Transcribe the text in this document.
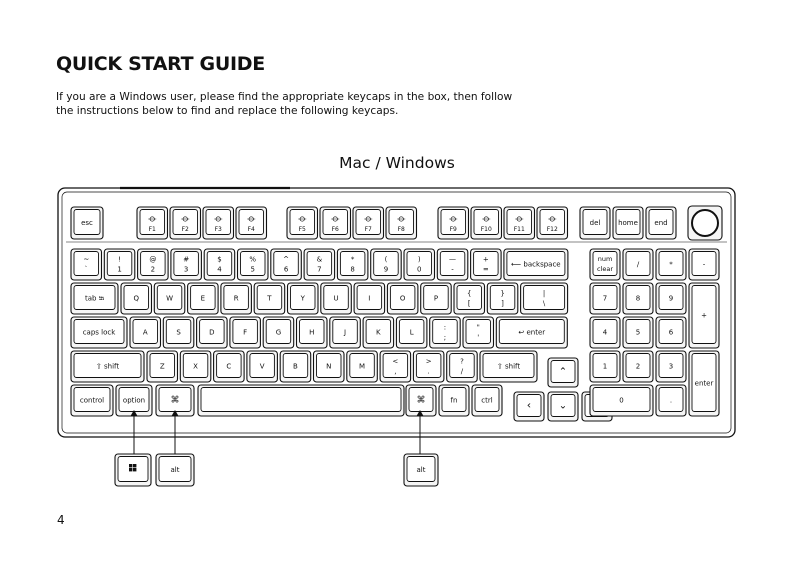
QUICK START GUIDE
If you are a Windows user, please find the appropriate keycaps in the box, then follow
the instructions below to find and replace the following keycaps.
Mac / Windows
4
esc
F1	F2	F3	F4	F5	F6	F7	F8	F9	F10	F11	F12
del	home end
~
`
!
1
@
2
#
3
$
4
%
5
^
6
&
7
*
8
(
9
)
0
—
-
+
=
⟵ backspace
tab ⭾	Q	W	E	R	T	Y	U	I	O	P
{
[
}
]
|
\
caps lock	A	S	D	F	G	H	J	K	L
:
;
"
'
↩ enter
⇧ shift	Z	X	C	V	B	N	M
<
,
>
.
?
/
⇧ shift
control	option	⌘	⌘	fn	ctrl
⌃
‹	⌄
num
clear
/	*	-
7	8	9
+
4	5	6
1	2	3
enter
0	.
alt	alt
